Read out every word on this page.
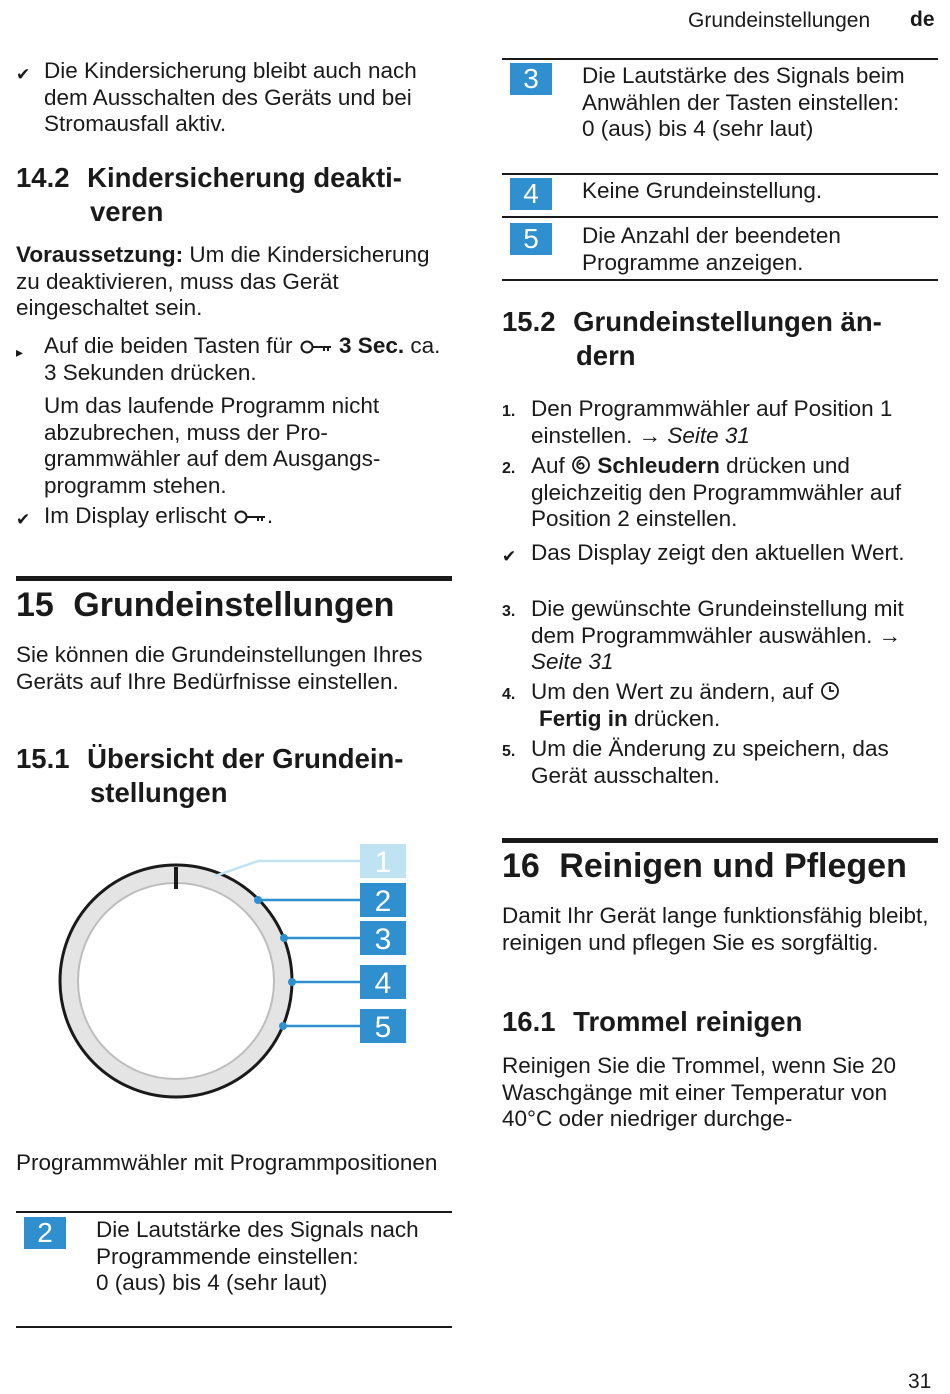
Grundeinstellungen de
✔ Die Kindersicherung bleibt auch nach dem Ausschalten des Geräts und bei Stromausfall aktiv.
14.2 Kindersicherung deakti-
veren
Voraussetzung: Um die Kindersicherung zu deaktivieren, muss das Gerät eingeschaltet sein.
▸ Auf die beiden Tasten für 3 Sec. ca. 3 Sekunden drücken.
Um das laufende Programm nicht abzubrechen, muss der Programmwähler auf dem Ausgangsprogramm stehen.
✔ Im Display erlischt .
15 Grundeinstellungen
Sie können die Grundeinstellungen Ihres Geräts auf Ihre Bedürfnisse einstellen.
15.1 Übersicht der Grundein-
stellungen
1
2
3
4
5
Programmwähler mit Programmpositionen
2	Die Lautstärke des Signals nach Programmende einstellen:
0 (aus) bis 4 (sehr laut)
3	Die Lautstärke des Signals beim Anwählen der Tasten einstellen:
0 (aus) bis 4 (sehr laut)
4	Keine Grundeinstellung.
5	Die Anzahl der beendeten Programme anzeigen.
15.2 Grundeinstellungen än-
dern
1. Den Programmwähler auf Position 1 einstellen. → Seite 31
2. Auf Schleudern drücken und gleichzeitig den Programmwähler auf Position 2 einstellen.
✔ Das Display zeigt den aktuellen Wert.
3. Die gewünschte Grundeinstellung mit dem Programmwähler auswählen. → Seite 31
4. Um den Wert zu ändern, auf
Fertig in drücken.
5. Um die Änderung zu speichern, das Gerät ausschalten.
16 Reinigen und Pflegen
Damit Ihr Gerät lange funktionsfähig bleibt, reinigen und pflegen Sie es sorgfältig.
16.1 Trommel reinigen
Reinigen Sie die Trommel, wenn Sie 20 Waschgänge mit einer Temperatur von 40°C oder niedriger durchge-
31
